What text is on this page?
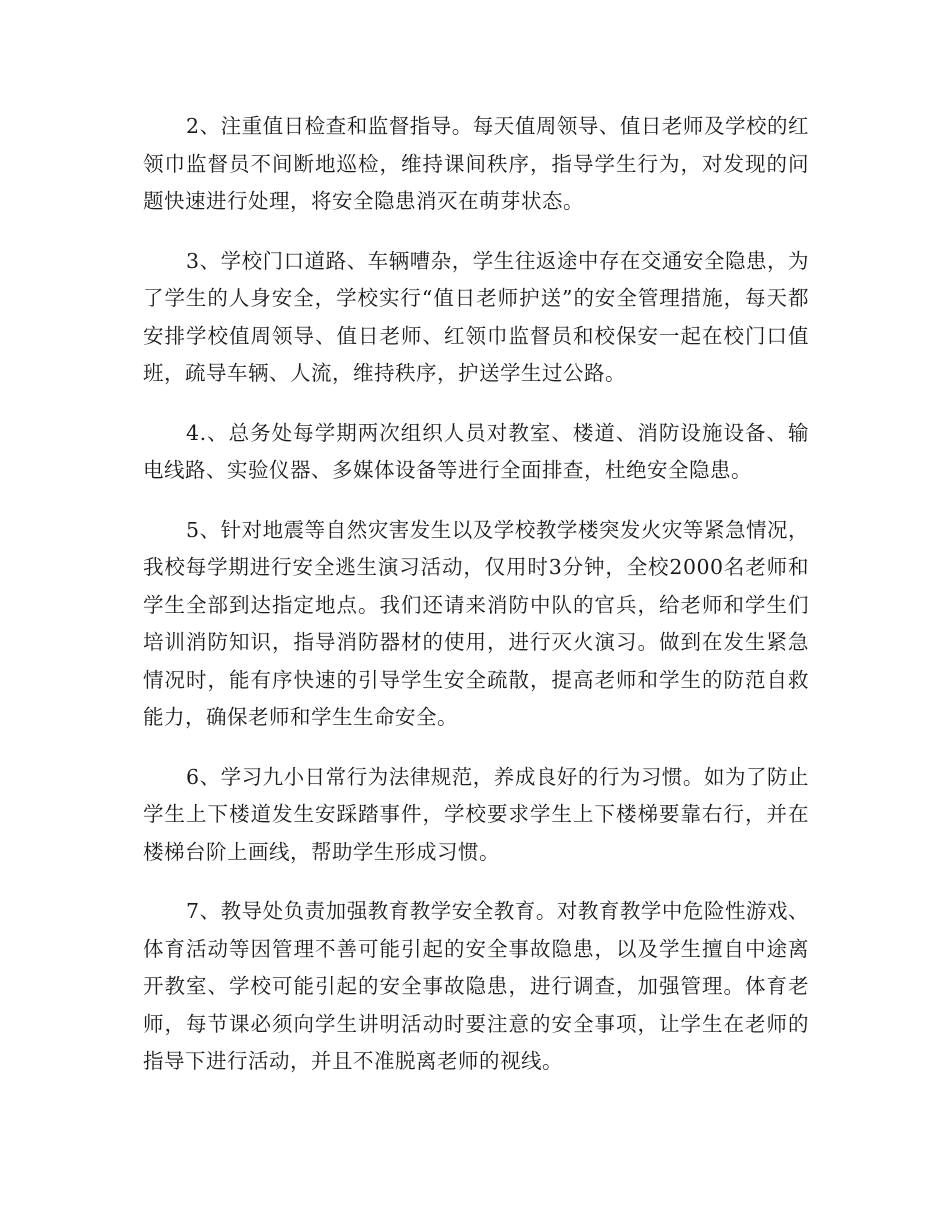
2、注重值日检查和监督指导。每天值周领导、值日老师及学校的红领巾监督员不间断地巡检，维持课间秩序，指导学生行为，对发现的问题快速进行处理，将安全隐患消灭在萌芽状态。

3、学校门口道路、车辆嘈杂，学生往返途中存在交通安全隐患，为了学生的人身安全，学校实行“值日老师护送”的安全管理措施，每天都安排学校值周领导、值日老师、红领巾监督员和校保安一起在校门口值班，疏导车辆、人流，维持秩序，护送学生过公路。

4.、总务处每学期两次组织人员对教室、楼道、消防设施设备、输电线路、实验仪器、多媒体设备等进行全面排查，杜绝安全隐患。

5、针对地震等自然灾害发生以及学校教学楼突发火灾等紧急情况，我校每学期进行安全逃生演习活动，仅用时3分钟，全校2000名老师和学生全部到达指定地点。我们还请来消防中队的官兵，给老师和学生们培训消防知识，指导消防器材的使用，进行灭火演习。做到在发生紧急情况时，能有序快速的引导学生安全疏散，提高老师和学生的防范自救能力，确保老师和学生生命安全。

6、学习九小日常行为法律规范，养成良好的行为习惯。如为了防止学生上下楼道发生安踩踏事件，学校要求学生上下楼梯要靠右行，并在楼梯台阶上画线，帮助学生形成习惯。

7、教导处负责加强教育教学安全教育。对教育教学中危险性游戏、体育活动等因管理不善可能引起的安全事故隐患，以及学生擅自中途离开教室、学校可能引起的安全事故隐患，进行调查，加强管理。体育老师，每节课必须向学生讲明活动时要注意的安全事项，让学生在老师的指导下进行活动，并且不准脱离老师的视线。
